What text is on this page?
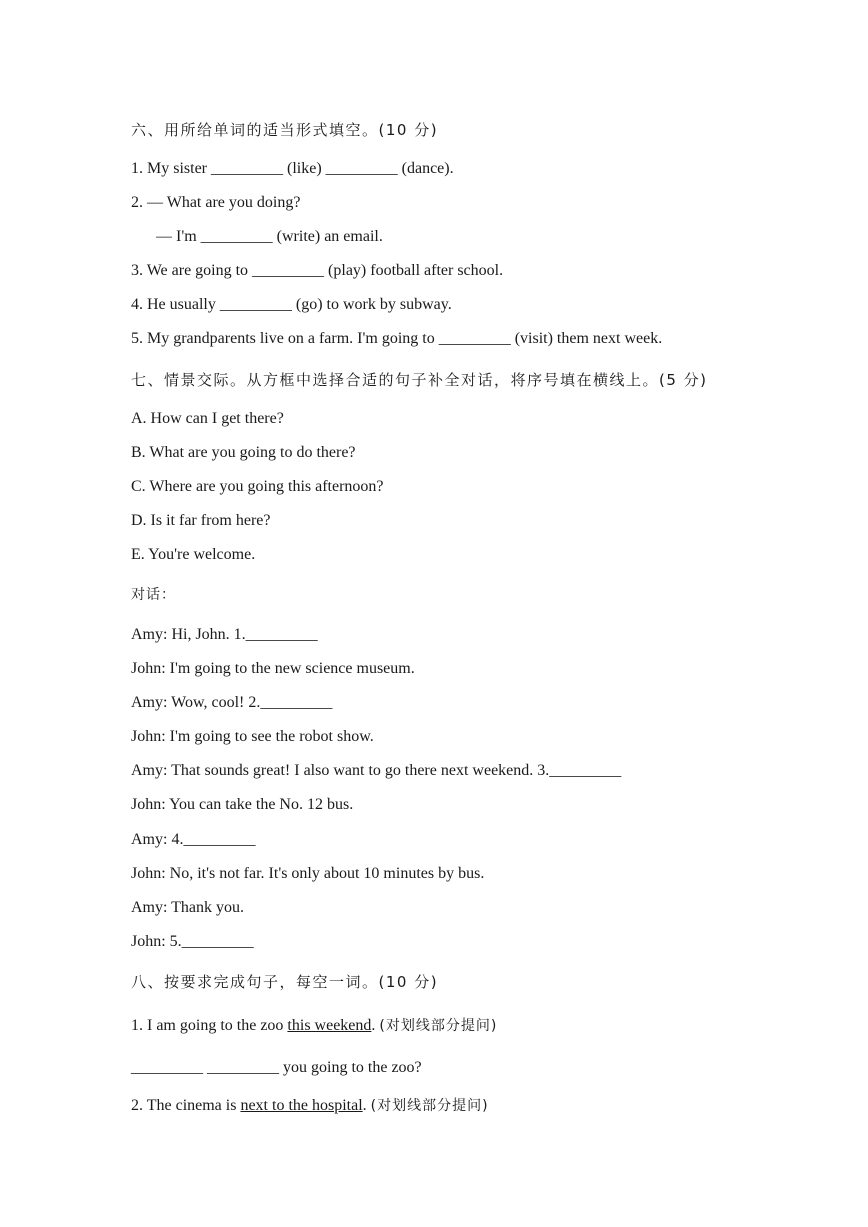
六、用所给单词的适当形式填空。(10 分)
1. My sister _________ (like) _________ (dance).
2. — What are you doing?
— I'm _________ (write) an email.
3. We are going to _________ (play) football after school.
4. He usually _________ (go) to work by subway.
5. My grandparents live on a farm. I'm going to _________ (visit) them next week.
七、情景交际。从方框中选择合适的句子补全对话，将序号填在横线上。(5 分)
A. How can I get there?
B. What are you going to do there?
C. Where are you going this afternoon?
D. Is it far from here?
E. You're welcome.
对话：
Amy: Hi, John. 1._________
John: I'm going to the new science museum.
Amy: Wow, cool! 2._________
John: I'm going to see the robot show.
Amy: That sounds great! I also want to go there next weekend. 3._________
John: You can take the No. 12 bus.
Amy: 4._________
John: No, it's not far. It's only about 10 minutes by bus.
Amy: Thank you.
John: 5._________
八、按要求完成句子，每空一词。(10 分)
1. I am going to the zoo this weekend. (对划线部分提问)
_________ _________ you going to the zoo?
2. The cinema is next to the hospital. (对划线部分提问)
